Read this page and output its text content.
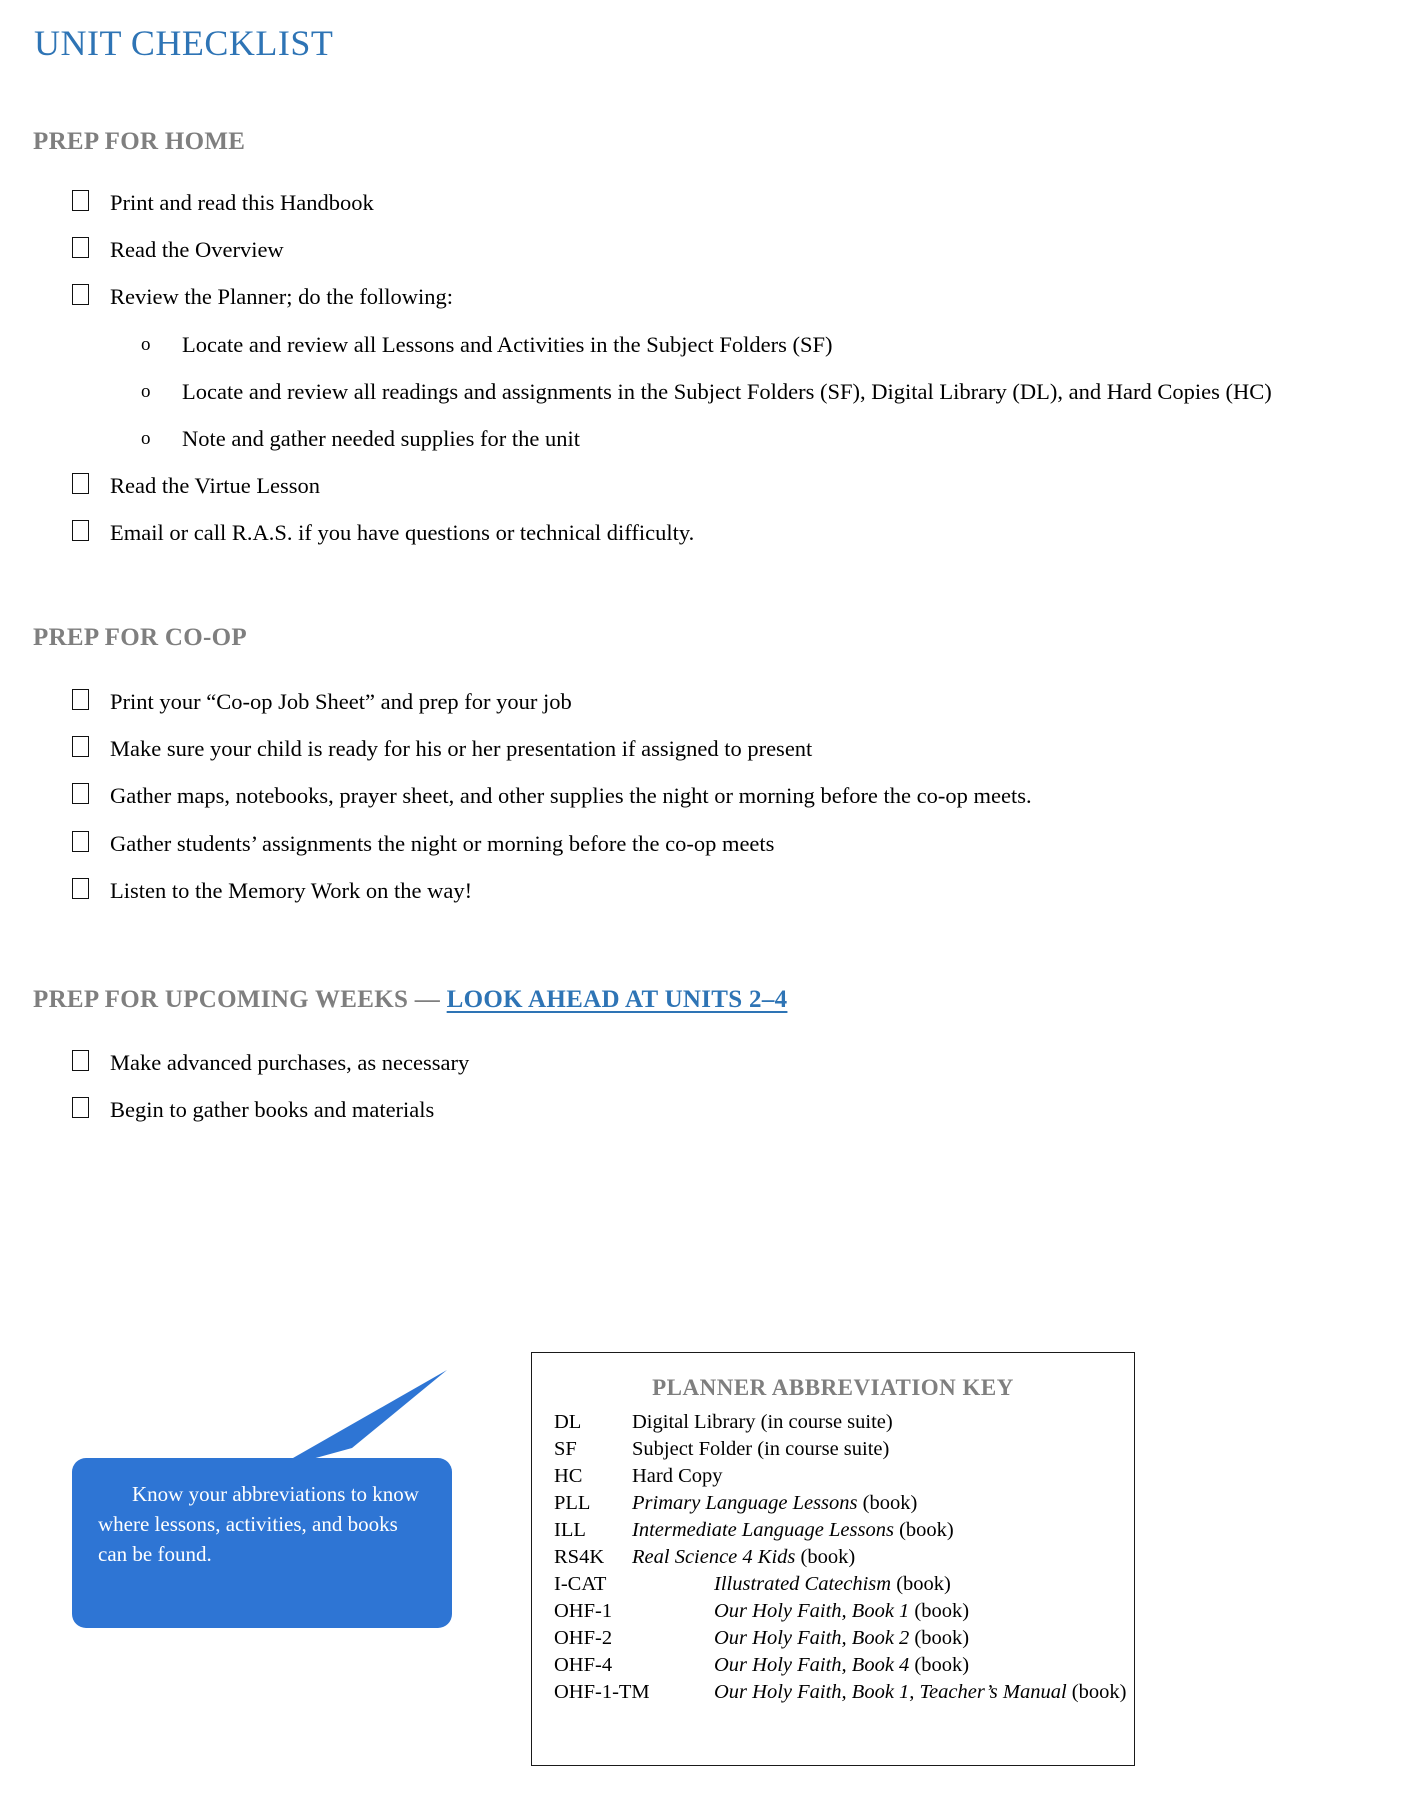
UNIT CHECKLIST
PREP FOR HOME
Print and read this Handbook
Read the Overview
Review the Planner; do the following:
o	Locate and review all Lessons and Activities in the Subject Folders (SF)
o	Locate and review all readings and assignments in the Subject Folders (SF), Digital Library (DL), and Hard Copies (HC)
o	Note and gather needed supplies for the unit
Read the Virtue Lesson
Email or call R.A.S. if you have questions or technical difficulty.
PREP FOR CO-OP
Print your “Co-op Job Sheet” and prep for your job
Make sure your child is ready for his or her presentation if assigned to present
Gather maps, notebooks, prayer sheet, and other supplies the night or morning before the co-op meets.
Gather students’ assignments the night or morning before the co-op meets
Listen to the Memory Work on the way!
PREP FOR UPCOMING WEEKS — LOOK AHEAD AT UNITS 2–4
Make advanced purchases, as necessary
Begin to gather books and materials
PLANNER ABBREVIATION KEY
DL	Digital Library (in course suite)
SF	Subject Folder (in course suite)
HC	Hard Copy
PLL	Primary Language Lessons (book)
ILL	Intermediate Language Lessons (book)
RS4K	Real Science 4 Kids (book)
I-CAT	Illustrated Catechism (book)
OHF-1	Our Holy Faith, Book 1 (book)
OHF-2	Our Holy Faith, Book 2 (book)
OHF-4	Our Holy Faith, Book 4 (book)
OHF-1-TM	Our Holy Faith, Book 1, Teacher’s Manual (book)
Know your abbreviations to know where lessons, activities, and books can be found.
